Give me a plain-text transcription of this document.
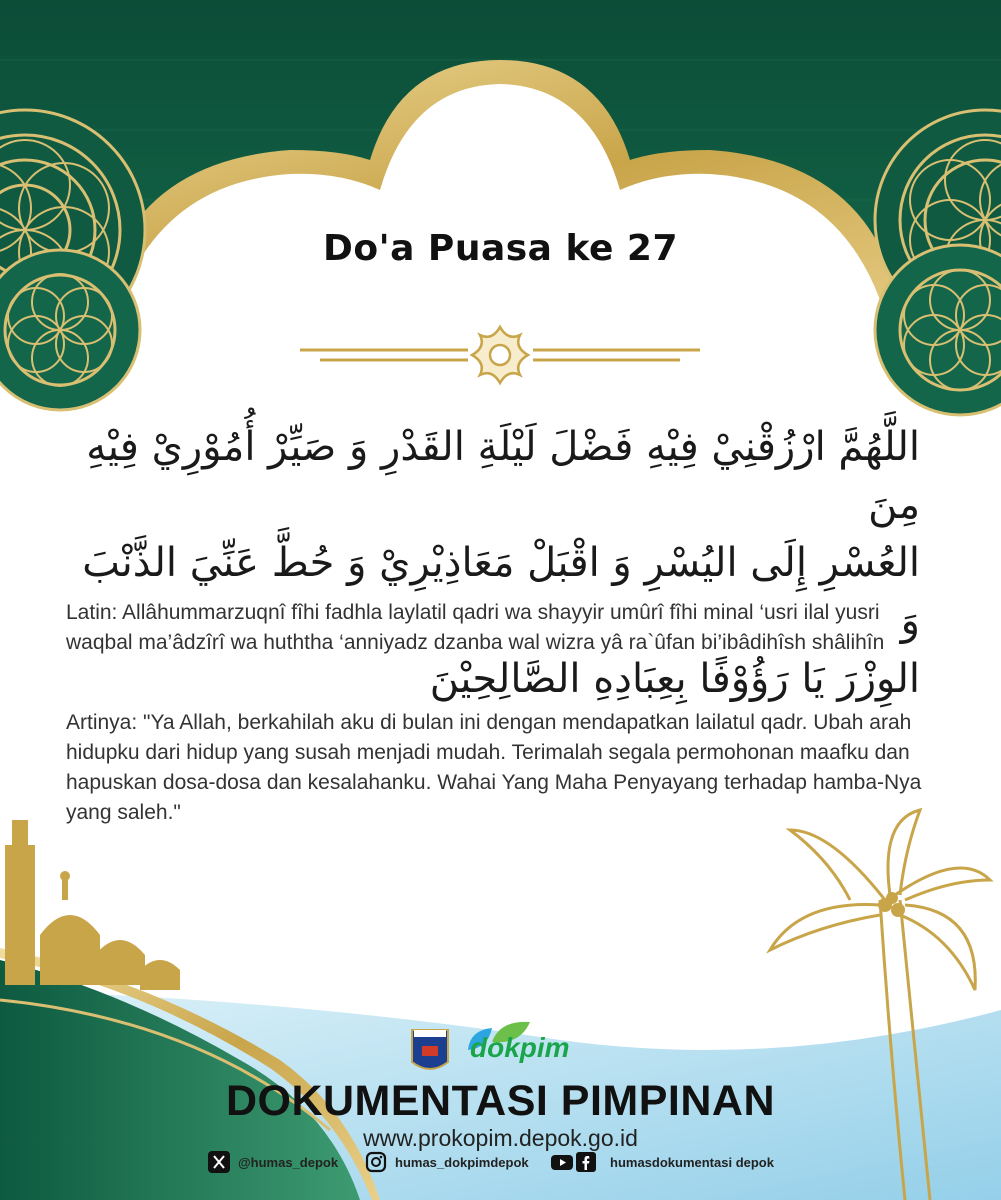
Do'a Puasa ke 27
اللَّهُمَّ ارْزُقْنِيْ فِيْهِ فَضْلَ لَيْلَةِ القَدْرِ وَ صَيِّرْ أُمُوْرِيْ فِيْهِ مِنَ
العُسْرِ إِلَى اليُسْرِ وَ اقْبَلْ مَعَاذِيْرِيْ وَ حُطَّ عَنِّيَ الذَّنْبَ وَ
الوِزْرَ يَا رَؤُوْفًا بِعِبَادِهِ الصَّالِحِيْنَ
Latin: Allâhummarzuqnî fîhi fadhla laylatil qadri wa shayyir umûrî fîhi minal ‘usri ilal yusri waqbal ma’âdzîrî wa huththa ‘anniyadz dzanba wal wizra yâ ra`ûfan bi’ibâdihîsh shâlihîn
Artinya: "Ya Allah, berkahilah aku di bulan ini dengan mendapatkan lailatul qadr. Ubah arah hidupku dari hidup yang susah menjadi mudah. Terimalah segala permohonan maafku dan hapuskan dosa-dosa dan kesalahanku. Wahai Yang Maha Penyayang terhadap hamba-Nya yang saleh."
dokpim
DOKUMENTASI PIMPINAN
www.prokopim.depok.go.id
@humas_depok	humas_dokpimdepok	humasdokumentasi depok
